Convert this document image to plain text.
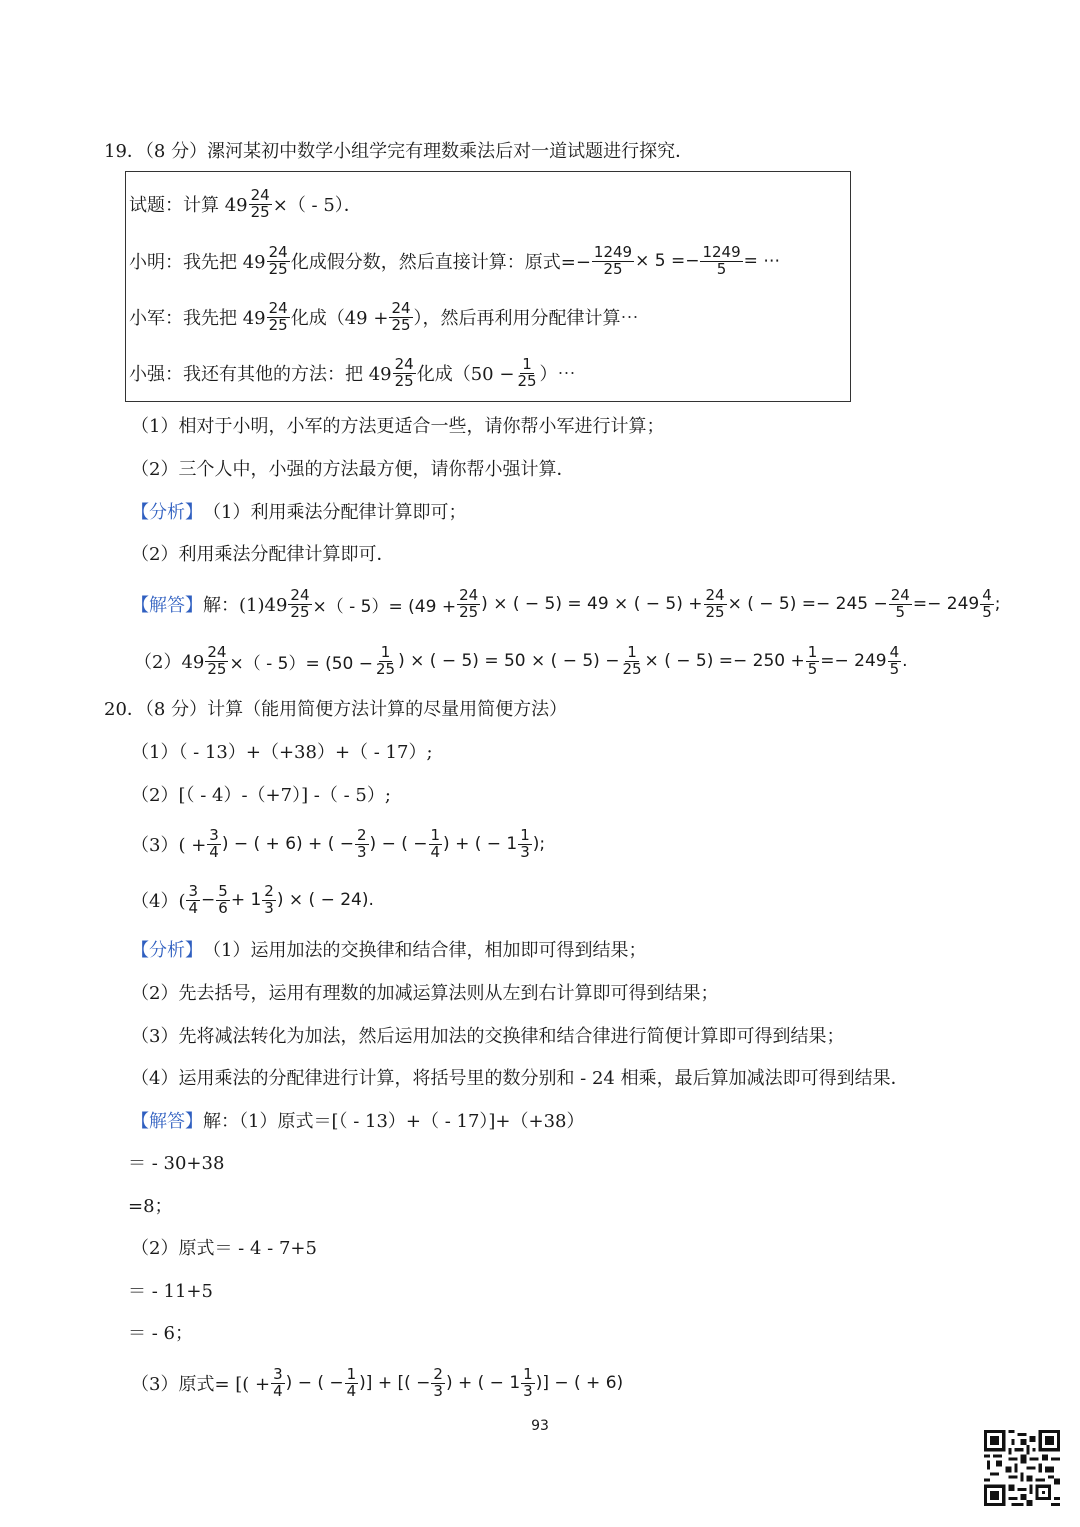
19．（8 分）漯河某初中数学小组学完有理数乘法后对一道试题进行探究．
试题：计算 $49 \frac{24}{25}$ ×（ - 5）．
小明：我先把 49
24
25 化成假分数，然后直接计算：原式=− $\frac{1249}{25} \times 5 =- \frac{1249}{5}$ = ⋯
小军：我先把 49
24
25 化成（$49 + \frac{24}{25}$ ），然后再利用分配律计算⋯
小强：我还有其他的方法：把 49
24
25 化成（$50 - \frac{1}{25}$ ）⋯
（1）相对于小明，小军的方法更适合一些，请你帮小军进行计算；
（2）三个人中，小强的方法最方便，请你帮小强计算．
【分析】 （1）利用乘法分配律计算即可；
（2）利用乘法分配律计算即可．
【解答】 解：$(1)49 \frac{24}{25}$ ×（ - $5)= (49 + \frac{24}{25}$ ) × ( − 5) = 49 × ( − $5) + \frac{24}{25}$ × ( − $5) =- 245 - \frac{24}{5} =- 249$ 4
5 ;
$(2)49 \frac{24}{25}$ ×（ - $5)= (50 - \frac{1}{25}$ ) × ( − 5) = 50 × ( − $5) - \frac{1}{25}$ × ( − $5) =- 250 + \frac{1}{5} =- 249$ 4
5 .
20．（8 分）计算（能用简便方法计算的尽量用简便方法）
（1）（ - 13）+（+38）+（ - 17）;
（2）[（ - 4）-（+7）] -（ - 5）;
$(3)( + \frac{3}{4}$ ) − ( + 6) + ( − $\frac{2}{3}$ ) − ( − $\frac{1}{4}$ ) + ( − 1 1
3 );
（4）(
3
$4 - \frac{5}{6} + 1$ 2
3 ) × ( − 24).
【分析】 （1）运用加法的交换律和结合律，相加即可得到结果；
（2）先去括号，运用有理数的加减运算法则从左到右计算即可得到结果；
（3）先将减法转化为加法，然后运用加法的交换律和结合律进行简便计算即可得到结果；
（4）运用乘法的分配律进行计算，将括号里的数分别和 - 24 相乘，最后算加减法即可得到结果．
【解答】 解：（1）原式＝[（ - 13）+（ - 17）]+（+38）
＝ - 30+38
=8；
（2）原式＝ - 4 - 7+5
＝ - 11+5
＝ - 6；
（3）原式= [( + $\frac{3}{4}$ ) − ( − $\frac{1}{4}$ )] + [( − $\frac{2}{3}$ ) + ( − 1 1
3 )] − ( + 6)
93
